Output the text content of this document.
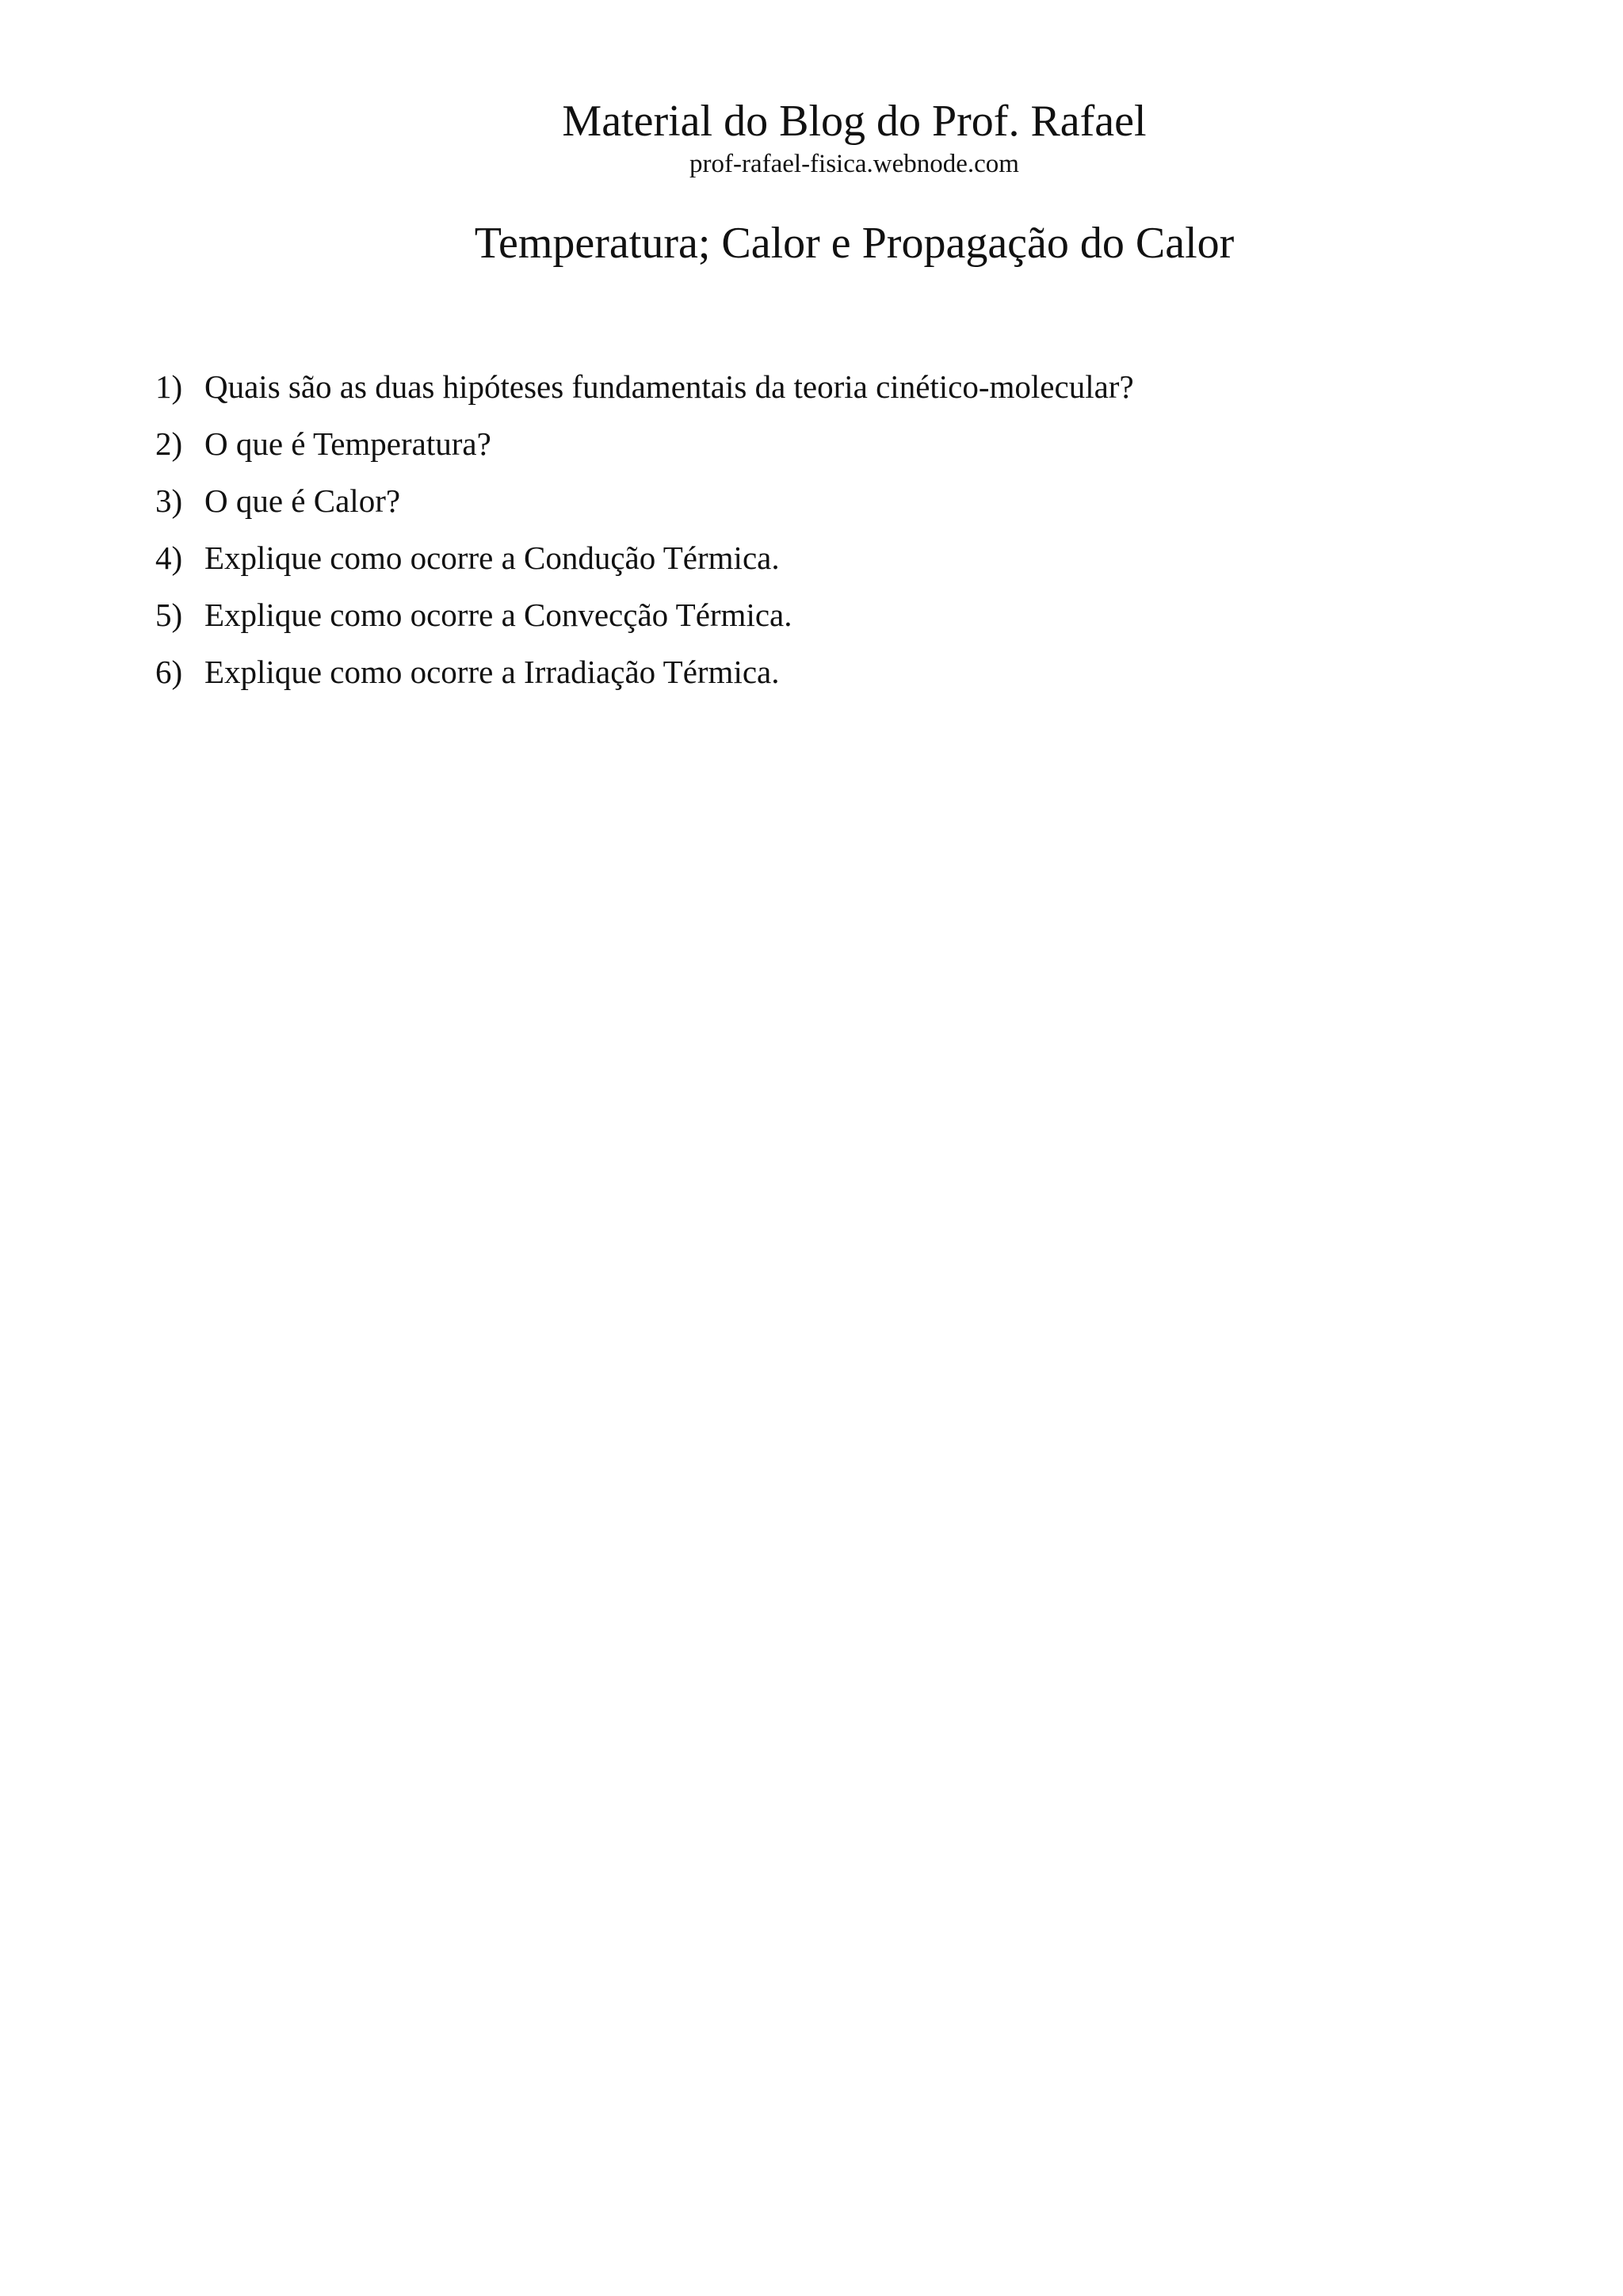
Material do Blog do Prof. Rafael
prof-rafael-fisica.webnode.com
Temperatura; Calor e Propagação do Calor
1) Quais são as duas hipóteses fundamentais da teoria cinético-molecular?
2) O que é Temperatura?
3) O que é Calor?
4) Explique como ocorre a Condução Térmica.
5) Explique como ocorre a Convecção Térmica.
6) Explique como ocorre a Irradiação Térmica.
